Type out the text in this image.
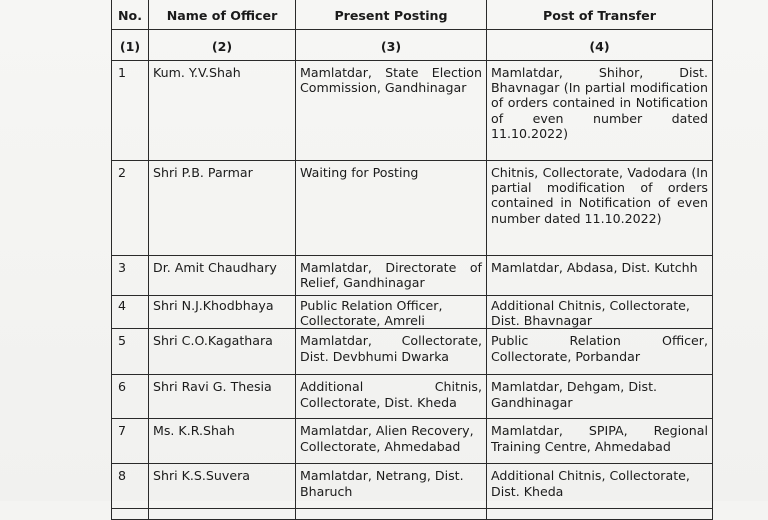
No.	Name of Officer	Present Posting	Post of Transfer
(1)	(2)	(3)	(4)
1	Kum. Y.V.Shah	Mamlatdar, State Election Commission, Gandhinagar	Mamlatdar, Shihor, Dist. Bhavnagar (In partial modification of orders contained in Notification of even number dated 11.10.2022)
2	Shri P.B. Parmar	Waiting for Posting	Chitnis, Collectorate, Vadodara (In partial modification of orders contained in Notification of even number dated 11.10.2022)
3	Dr. Amit Chaudhary	Mamlatdar, Directorate of Relief, Gandhinagar	Mamlatdar, Abdasa, Dist. Kutchh
4	Shri N.J.Khodbhaya	Public Relation Officer, Collectorate, Amreli	Additional Chitnis, Collectorate, Dist. Bhavnagar
5	Shri C.O.Kagathara	Mamlatdar, Collectorate, Dist. Devbhumi Dwarka	Public Relation Officer, Collectorate, Porbandar
6	Shri Ravi G. Thesia	Additional Chitnis, Collectorate, Dist. Kheda	Mamlatdar, Dehgam, Dist. Gandhinagar
7	Ms. K.R.Shah	Mamlatdar, Alien Recovery, Collectorate, Ahmedabad	Mamlatdar, SPIPA, Regional Training Centre, Ahmedabad
8	Shri K.S.Suvera	Mamlatdar, Netrang, Dist. Bharuch	Additional Chitnis, Collectorate, Dist. Kheda
